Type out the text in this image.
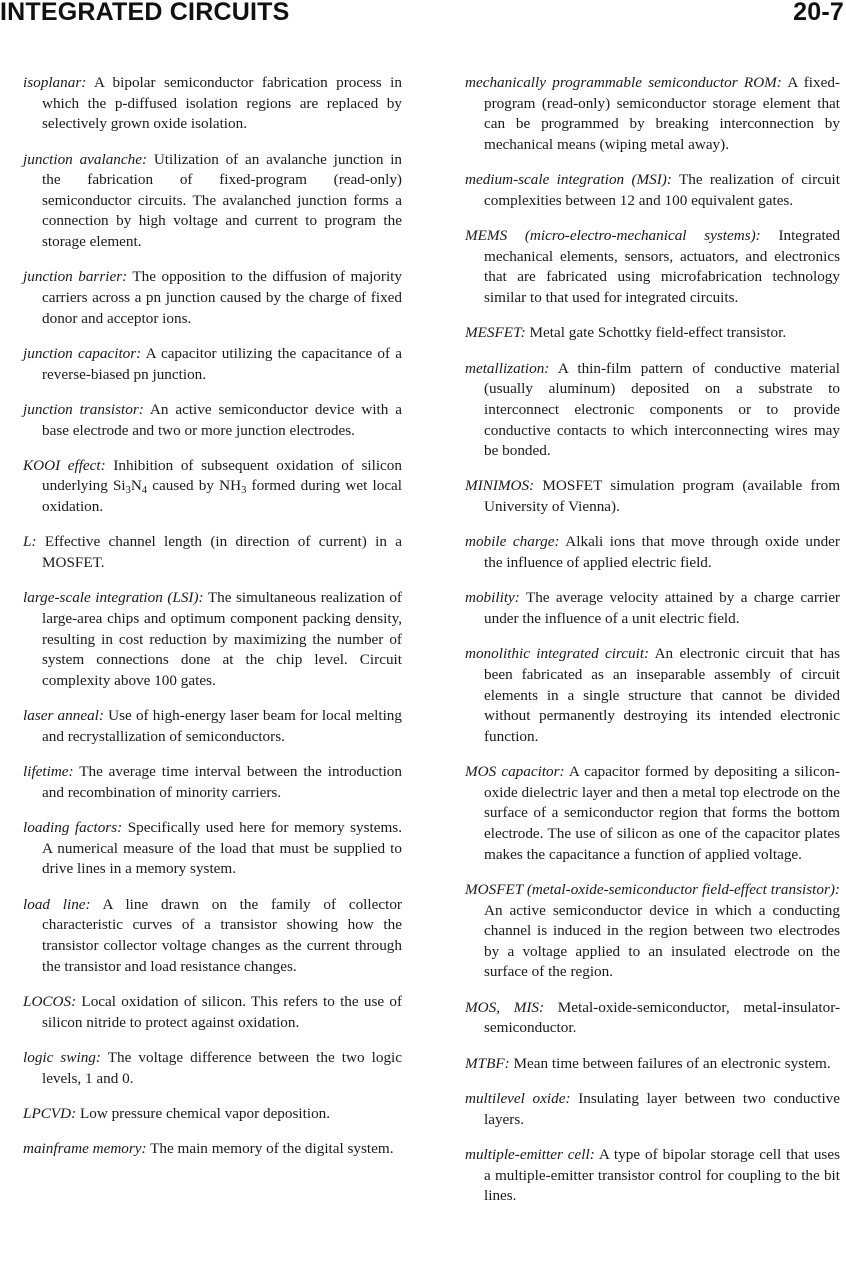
INTEGRATED CIRCUITS	20-7

isoplanar: A bipolar semiconductor fabrication process in which the p-diffused isolation regions are replaced by selectively grown oxide isolation.

junction avalanche: Utilization of an avalanche junction in the fabrication of fixed-program (read-only) semiconductor circuits. The avalanched junction forms a connection by high voltage and current to program the storage element.

junction barrier: The opposition to the diffusion of majority carriers across a pn junction caused by the charge of fixed donor and acceptor ions.

junction capacitor: A capacitor utilizing the capacitance of a reverse-biased pn junction.

junction transistor: An active semiconductor device with a base electrode and two or more junction electrodes.

KOOI effect: Inhibition of subsequent oxidation of silicon underlying $Si_3N_4$ caused by $NH_3$ formed during wet local oxidation.

L: Effective channel length (in direction of current) in a MOSFET.

large-scale integration (LSI): The simultaneous realization of large-area chips and optimum component packing density, resulting in cost reduction by maximizing the number of system connections done at the chip level. Circuit complexity above 100 gates.

laser anneal: Use of high-energy laser beam for local melting and recrystallization of semiconductors.

lifetime: The average time interval between the introduction and recombination of minority carriers.

loading factors: Specifically used here for memory systems. A numerical measure of the load that must be supplied to drive lines in a memory system.

load line: A line drawn on the family of collector characteristic curves of a transistor showing how the transistor collector voltage changes as the current through the transistor and load resistance changes.

LOCOS: Local oxidation of silicon. This refers to the use of silicon nitride to protect against oxidation.

logic swing: The voltage difference between the two logic levels, 1 and 0.

LPCVD: Low pressure chemical vapor deposition.

mainframe memory: The main memory of the digital system.

mechanically programmable semiconductor ROM: A fixed-program (read-only) semiconductor storage element that can be programmed by breaking interconnection by mechanical means (wiping metal away).

medium-scale integration (MSI): The realization of circuit complexities between 12 and 100 equivalent gates.

MEMS (micro-electro-mechanical systems): Integrated mechanical elements, sensors, actuators, and electronics that are fabricated using microfabrication technology similar to that used for integrated circuits.

MESFET: Metal gate Schottky field-effect transistor.

metallization: A thin-film pattern of conductive material (usually aluminum) deposited on a substrate to interconnect electronic components or to provide conductive contacts to which interconnecting wires may be bonded.

MINIMOS: MOSFET simulation program (available from University of Vienna).

mobile charge: Alkali ions that move through oxide under the influence of applied electric field.

mobility: The average velocity attained by a charge carrier under the influence of a unit electric field.

monolithic integrated circuit: An electronic circuit that has been fabricated as an inseparable assembly of circuit elements in a single structure that cannot be divided without permanently destroying its intended electronic function.

MOS capacitor: A capacitor formed by depositing a silicon-oxide dielectric layer and then a metal top electrode on the surface of a semiconductor region that forms the bottom electrode. The use of silicon as one of the capacitor plates makes the capacitance a function of applied voltage.

MOSFET (metal-oxide-semiconductor field-effect transistor): An active semiconductor device in which a conducting channel is induced in the region between two electrodes by a voltage applied to an insulated electrode on the surface of the region.

MOS, MIS: Metal-oxide-semiconductor, metal-insulator-semiconductor.

MTBF: Mean time between failures of an electronic system.

multilevel oxide: Insulating layer between two conductive layers.

multiple-emitter cell: A type of bipolar storage cell that uses a multiple-emitter transistor control for coupling to the bit lines.
